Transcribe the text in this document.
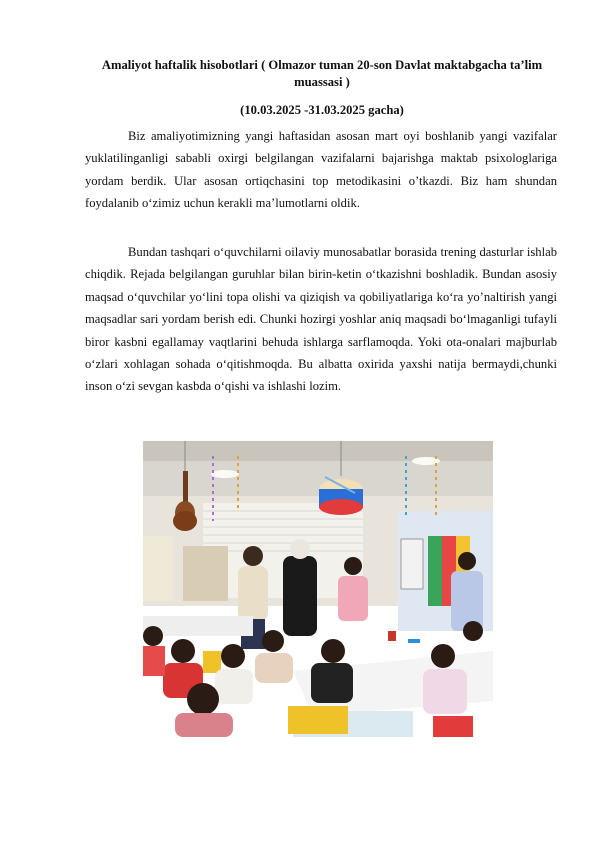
Amaliyot haftalik hisobotlari ( Olmazor tuman 20-son Davlat maktabgacha ta’lim muassasi )
(10.03.2025 -31.03.2025 gacha)

Biz amaliyotimizning yangi haftasidan asosan mart oyi boshlanib yangi vazifalar yuklatilinganligi sababli oxirgi belgilangan vazifalarni bajarishga maktab psixologlariga yordam berdik. Ular asosan ortiqchasini top metodikasini o’tkazdi. Biz ham shundan foydalanib o‘zimiz uchun kerakli ma’lumotlarni oldik.

Bundan tashqari o‘quvchilarni oilaviy munosabatlar borasida trening dasturlar ishlab chiqdik. Rejada belgilangan guruhlar bilan birin-ketin o‘tkazishni boshladik. Bundan asosiy maqsad o‘quvchilar yo‘lini topa olishi va qiziqish va qobiliyatlariga ko‘ra yo’naltirish yangi maqsadlar sari yordam berish edi. Chunki hozirgi yoshlar aniq maqsadi bo‘lmaganligi tufayli biror kasbni egallamay vaqtlarini behuda ishlarga sarflamoqda. Yoki ota-onalari majburlab o‘zlari xohlagan sohada o‘qitishmoqda. Bu albatta oxirida yaxshi natija bermaydi,chunki inson o‘zi sevgan kasbda o‘qishi va ishlashi lozim.
